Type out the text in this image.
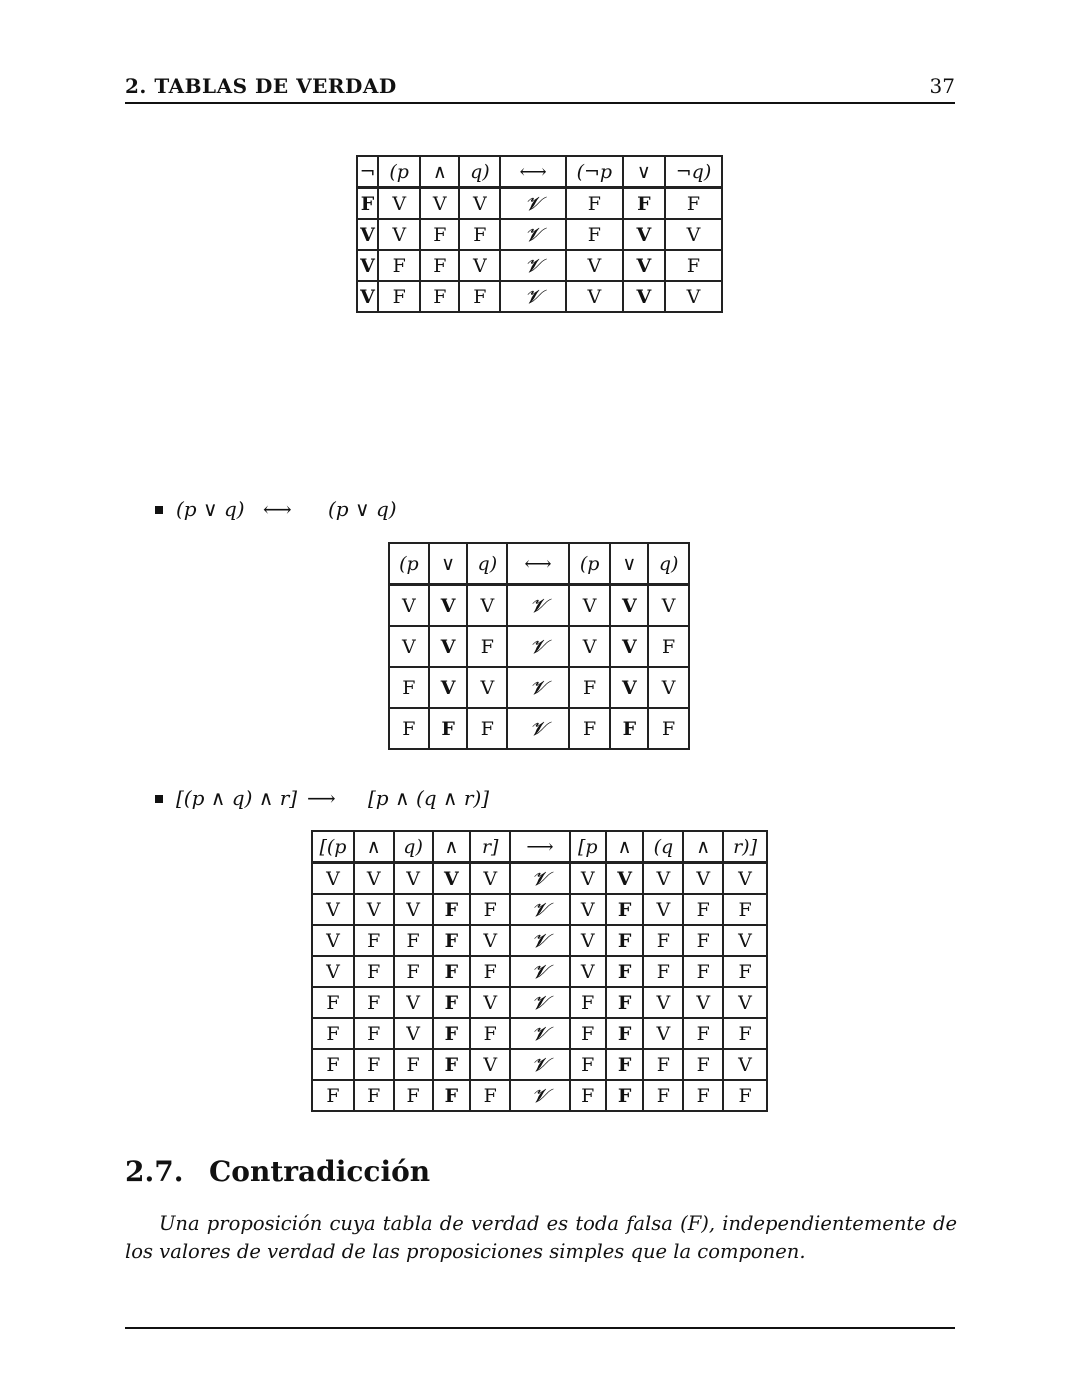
2. TABLAS DE VERDAD	37
¬	(p	∧	q)	⟷	(¬p	∨	¬q)
F	V	V	V	𝓥	F	F	F
V	V	F	F	𝓥	F	V	V
V	F	F	V	𝓥	V	V	F
V	F	F	F	𝓥	V	V	V
(p ∨ q) ⟷ (p ∨ q)
(p	∨	q)	⟷	(p	∨	q)
V	V	V	𝓥	V	V	V
V	V	F	𝓥	V	V	F
F	V	V	𝓥	F	V	V
F	F	F	𝓥	F	F	F
[(p ∧ q) ∧ r] ⟶ [p ∧ (q ∧ r)]
[(p	∧	q)	∧	r]	⟶	[p	∧	(q	∧	r)]
V	V	V	V	V	𝓥	V	V	V	V	V
V	V	V	F	F	𝓥	V	F	V	F	F
V	F	F	F	V	𝓥	V	F	F	F	V
V	F	F	F	F	𝓥	V	F	F	F	F
F	F	V	F	V	𝓥	F	F	V	V	V
F	F	V	F	F	𝓥	F	F	V	F	F
F	F	F	F	V	𝓥	F	F	F	F	V
F	F	F	F	F	𝓥	F	F	F	F	F
2.7. Contradicción

Una proposición cuya tabla de verdad es toda falsa (F), independientemente de los valores de verdad de las proposiciones simples que la componen.
